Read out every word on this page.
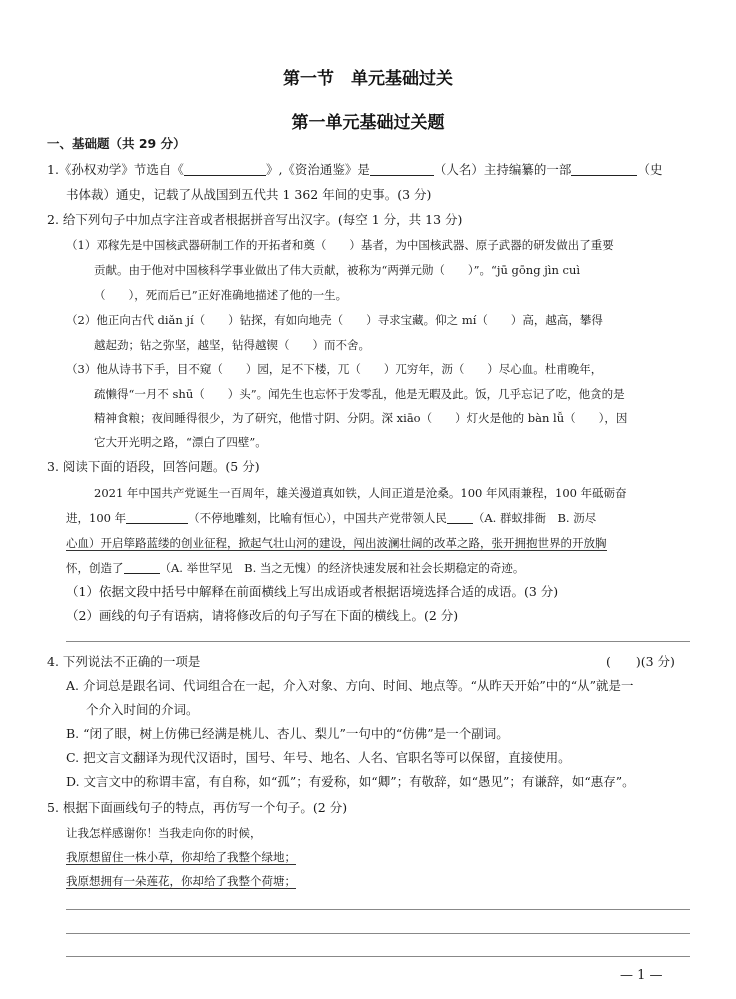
第一节　单元基础过关
第一单元基础过关题
一、基础题（共 29 分）
1.《孙权劝学》节选自《	》,《资治通鉴》是	（人名）主持编纂的一部	（史
书体裁）通史，记载了从战国到五代共 1 362 年间的史事。(3 分)
2. 给下列句子中加点字注音或者根据拼音写出汉字。(每空 1 分，共 13 分)
（1）邓稼先是中国核武器研制工作的开拓者和奠（　　）基者，为中国核武器、原子武器的研发做出了重要
贡献。由于他对中国核科学事业做出了伟大贡献，被称为“两弹元勋（　　）”。“jū gōng jìn cuì
（　　），死而后已”正好准确地描述了他的一生。
（2）他正向古代 diǎn jí（　　）钻探，有如向地壳（　　）寻求宝藏。仰之 mí（　　）高，越高，攀得
越起劲；钻之弥坚，越坚，钻得越锲（　　）而不舍。
（3）他从诗书下手，目不窥（　　）园，足不下楼，兀（　　）兀穷年，沥（　　）尽心血。杜甫晚年，
疏懒得“一月不 shū（　　）头”。闻先生也忘怀于发零乱，他是无暇及此。饭，几乎忘记了吃，他贪的是
精神食粮；夜间睡得很少，为了研究，他惜寸阴、分阴。深 xiāo（　　）灯火是他的 bàn lǚ（　　），因
它大开光明之路，“漂白了四壁”。
3. 阅读下面的语段，回答问题。(5 分)
2021 年中国共产党诞生一百周年，雄关漫道真如铁，人间正道是沧桑。100 年风雨兼程，100 年砥砺奋
进，100 年	（不停地雕刻，比喻有恒心），中国共产党带领人民 （A. 群蚁排衙　B. 沥尽
心血）开启筚路蓝缕的创业征程，掀起气壮山河的建设，闯出波澜壮阔的改革之路，张开拥抱世界的开放胸
怀，创造了	（A. 举世罕见　B. 当之无愧）的经济快速发展和社会长期稳定的奇迹。
（1）依据文段中括号中解释在前面横线上写出成语或者根据语境选择合适的成语。(3 分)
（2）画线的句子有语病，请将修改后的句子写在下面的横线上。(2 分)
4. 下列说法不正确的一项是	(　　)(3 分)
A. 介词总是跟名词、代词组合在一起，介入对象、方向、时间、地点等。“从昨天开始”中的“从”就是一
个介入时间的介词。
B. “闭了眼，树上仿佛已经满是桃儿、杏儿、梨儿”一句中的“仿佛”是一个副词。
C. 把文言文翻译为现代汉语时，国号、年号、地名、人名、官职名等可以保留，直接使用。
D. 文言文中的称谓丰富，有自称，如“孤”；有爱称，如“卿”；有敬辞，如“愚见”；有谦辞，如“惠存”。
5. 根据下面画线句子的特点，再仿写一个句子。(2 分)
让我怎样感谢你！当我走向你的时候，
我原想留住一株小草，你却给了我整个绿地；
我原想拥有一朵莲花，你却给了我整个荷塘；
— 1 —
